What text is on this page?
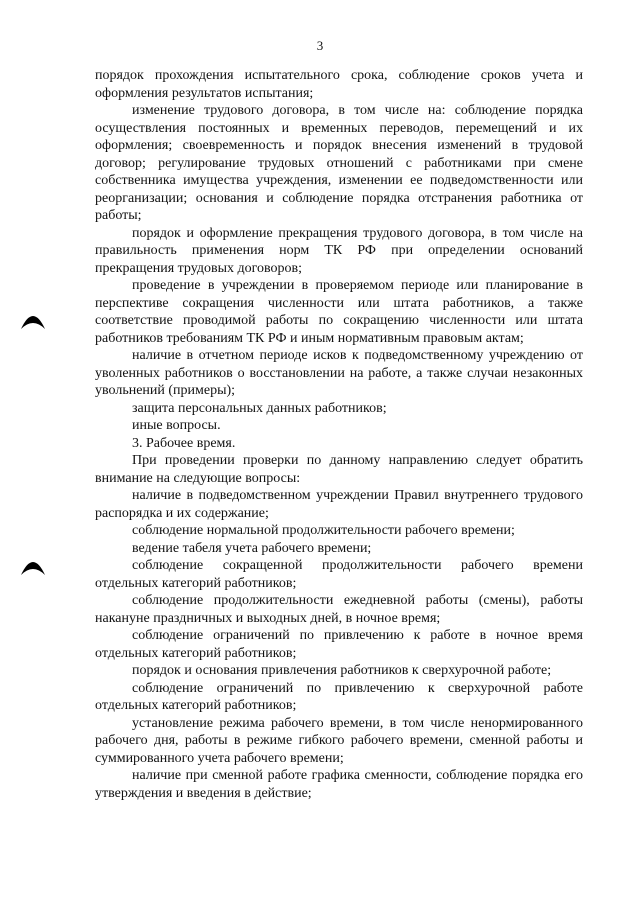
3

порядок прохождения испытательного срока, соблюдение сроков учета и оформления результатов испытания;

изменение трудового договора, в том числе на: соблюдение порядка осуществления постоянных и временных переводов, перемещений и их оформления; своевременность и порядок внесения изменений в трудовой договор; регулирование трудовых отношений с работниками при смене собственника имущества учреждения, изменении ее подведомственности или реорганизации; основания и соблюдение порядка отстранения работника от работы;

порядок и оформление прекращения трудового договора, в том числе на правильность применения норм ТК РФ при определении оснований прекращения трудовых договоров;

проведение в учреждении в проверяемом периоде или планирование в перспективе сокращения численности или штата работников, а также соответствие проводимой работы по сокращению численности или штата работников требованиям ТК РФ и иным нормативным правовым актам;

наличие в отчетном периоде исков к подведомственному учреждению от уволенных работников о восстановлении на работе, а также случаи незаконных увольнений (примеры);

защита персональных данных работников;

иные вопросы.

3. Рабочее время.

При проведении проверки по данному направлению следует обратить внимание на следующие вопросы:

наличие в подведомственном учреждении Правил внутреннего трудового распорядка и их содержание;

соблюдение нормальной продолжительности рабочего времени;

ведение табеля учета рабочего времени;

соблюдение сокращенной продолжительности рабочего времени отдельных категорий работников;

соблюдение продолжительности ежедневной работы (смены), работы накануне праздничных и выходных дней, в ночное время;

соблюдение ограничений по привлечению к работе в ночное время отдельных категорий работников;

порядок и основания привлечения работников к сверхурочной работе;

соблюдение ограничений по привлечению к сверхурочной работе отдельных категорий работников;

установление режима рабочего времени, в том числе ненормированного рабочего дня, работы в режиме гибкого рабочего времени, сменной работы и суммированного учета рабочего времени;

наличие при сменной работе графика сменности, соблюдение порядка его утверждения и введения в действие;
